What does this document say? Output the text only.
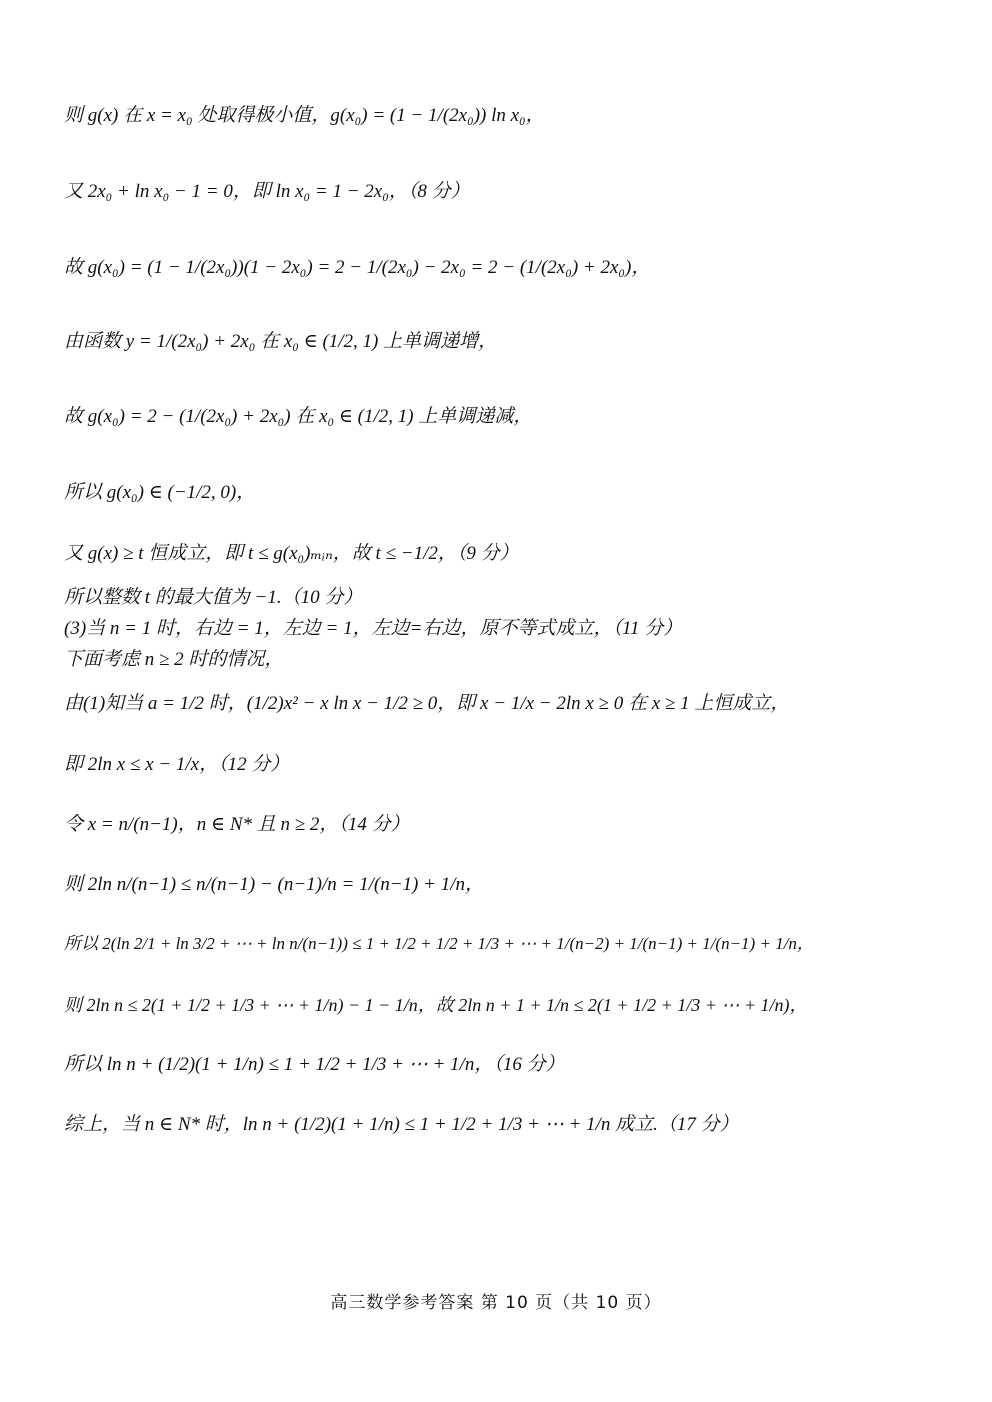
则 g(x) 在 x = x₀ 处取得极小值，g(x₀) = (1 − 1/(2x₀)) ln x₀，
又 2x₀ + ln x₀ − 1 = 0，即 ln x₀ = 1 − 2x₀，（8 分）
故 g(x₀) = (1 − 1/(2x₀))(1 − 2x₀) = 2 − 1/(2x₀) − 2x₀ = 2 − (1/(2x₀) + 2x₀)，
由函数 y = 1/(2x₀) + 2x₀ 在 x₀ ∈ (1/2, 1) 上单调递增，
故 g(x₀) = 2 − (1/(2x₀) + 2x₀) 在 x₀ ∈ (1/2, 1) 上单调递减，
所以 g(x₀) ∈ (−1/2, 0)，
又 g(x) ≥ t 恒成立，即 t ≤ g(x₀)ₘᵢₙ，故 t ≤ −1/2，（9 分）
所以整数 t 的最大值为 −1.（10 分）
(3)当 n = 1 时，右边 = 1，左边 = 1，左边=右边，原不等式成立，（11 分）
下面考虑 n ≥ 2 时的情况，
由(1)知当 a = 1/2 时，(1/2)x² − x ln x − 1/2 ≥ 0，即 x − 1/x − 2ln x ≥ 0 在 x ≥ 1 上恒成立，
即 2ln x ≤ x − 1/x，（12 分）
令 x = n/(n−1)，n ∈ N* 且 n ≥ 2，（14 分）
则 2ln n/(n−1) ≤ n/(n−1) − (n−1)/n = 1/(n−1) + 1/n，
所以 2(ln 2/1 + ln 3/2 + ⋯ + ln n/(n−1)) ≤ 1 + 1/2 + 1/2 + 1/3 + ⋯ + 1/(n−2) + 1/(n−1) + 1/(n−1) + 1/n，
则 2ln n ≤ 2(1 + 1/2 + 1/3 + ⋯ + 1/n) − 1 − 1/n，故 2ln n + 1 + 1/n ≤ 2(1 + 1/2 + 1/3 + ⋯ + 1/n)，
所以 ln n + (1/2)(1 + 1/n) ≤ 1 + 1/2 + 1/3 + ⋯ + 1/n，（16 分）
综上，当 n ∈ N* 时，ln n + (1/2)(1 + 1/n) ≤ 1 + 1/2 + 1/3 + ⋯ + 1/n 成立.（17 分）
高三数学参考答案 第 10 页（共 10 页）
